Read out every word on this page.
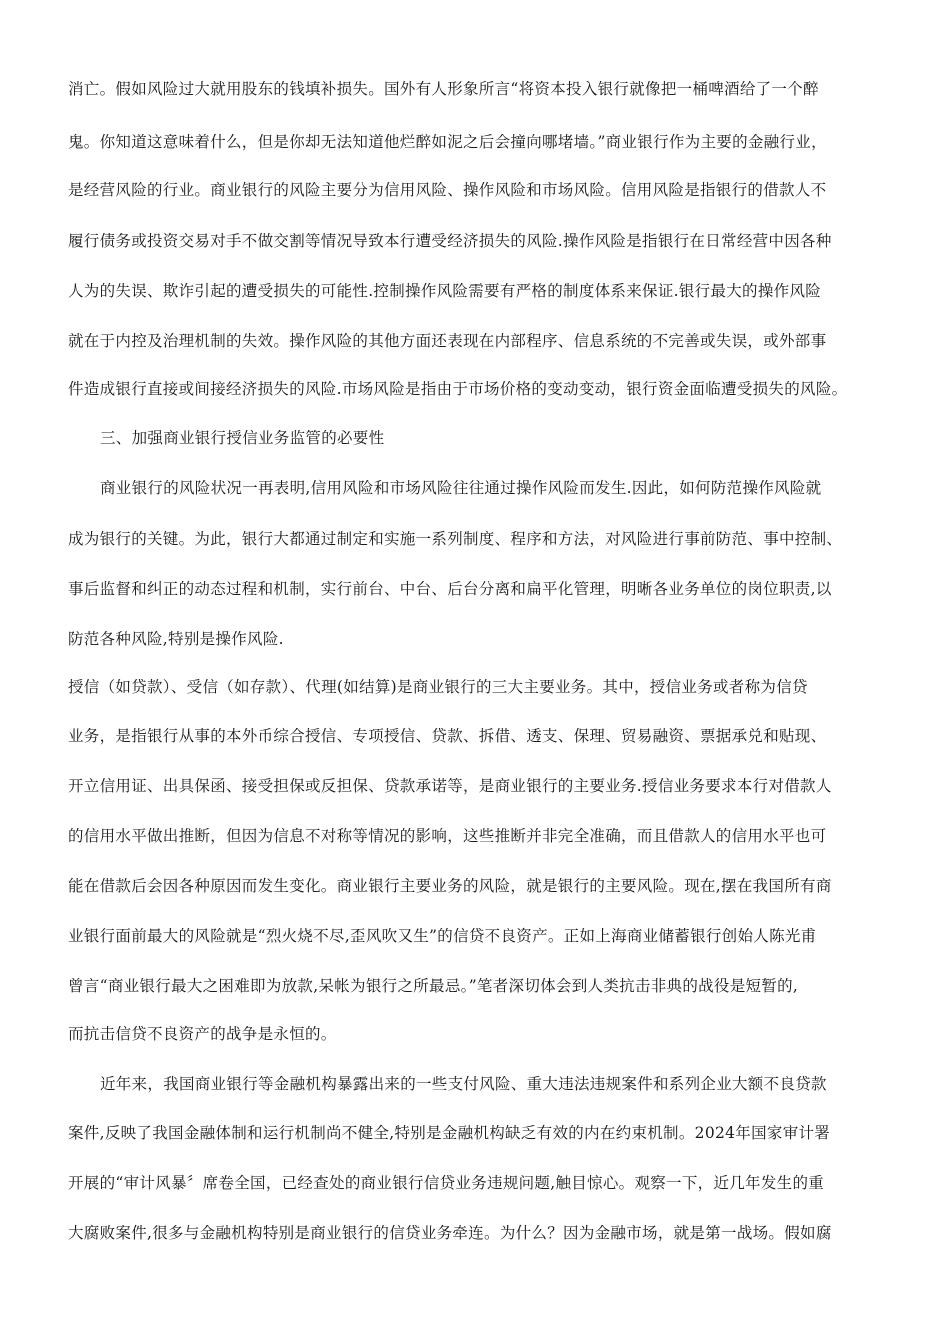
消亡。假如风险过大就用股东的钱填补损失。国外有人形象所言“将资本投入银行就像把一桶啤酒给了一个醉
鬼。你知道这意味着什么，但是你却无法知道他烂醉如泥之后会撞向哪堵墙。”商业银行作为主要的金融行业，
是经营风险的行业。商业银行的风险主要分为信用风险、操作风险和市场风险。信用风险是指银行的借款人不
履行债务或投资交易对手不做交割等情况导致本行遭受经济损失的风险.操作风险是指银行在日常经营中因各种
人为的失误、欺诈引起的遭受损失的可能性.控制操作风险需要有严格的制度体系来保证.银行最大的操作风险
就在于内控及治理机制的失效。操作风险的其他方面还表现在内部程序、信息系统的不完善或失误，或外部事
件造成银行直接或间接经济损失的风险.市场风险是指由于市场价格的变动变动，银行资金面临遭受损失的风险。
三、加强商业银行授信业务监管的必要性
商业银行的风险状况一再表明,信用风险和市场风险往往通过操作风险而发生.因此，如何防范操作风险就
成为银行的关键。为此，银行大都通过制定和实施一系列制度、程序和方法，对风险进行事前防范、事中控制、
事后监督和纠正的动态过程和机制，实行前台、中台、后台分离和扁平化管理，明晰各业务单位的岗位职责,以
防范各种风险,特别是操作风险.
授信（如贷款）、受信（如存款）、代理(如结算)是商业银行的三大主要业务。其中，授信业务或者称为信贷
业务，是指银行从事的本外币综合授信、专项授信、贷款、拆借、透支、保理、贸易融资、票据承兑和贴现、
开立信用证、出具保函、接受担保或反担保、贷款承诺等，是商业银行的主要业务.授信业务要求本行对借款人
的信用水平做出推断，但因为信息不对称等情况的影响，这些推断并非完全准确，而且借款人的信用水平也可
能在借款后会因各种原因而发生变化。商业银行主要业务的风险，就是银行的主要风险。现在,摆在我国所有商
业银行面前最大的风险就是“烈火烧不尽,歪风吹又生”的信贷不良资产。正如上海商业储蓄银行创始人陈光甫
曾言“商业银行最大之困难即为放款,呆帐为银行之所最忌。”笔者深切体会到人类抗击非典的战役是短暂的,
而抗击信贷不良资产的战争是永恒的。
近年来，我国商业银行等金融机构暴露出来的一些支付风险、重大违法违规案件和系列企业大额不良贷款
案件,反映了我国金融体制和运行机制尚不健全,特别是金融机构缺乏有效的内在约束机制。2024年国家审计署
开展的“审计风暴〞席卷全国，已经查处的商业银行信贷业务违规问题,触目惊心。观察一下，近几年发生的重
大腐败案件,很多与金融机构特别是商业银行的信贷业务牵连。为什么？因为金融市场，就是第一战场。假如腐
